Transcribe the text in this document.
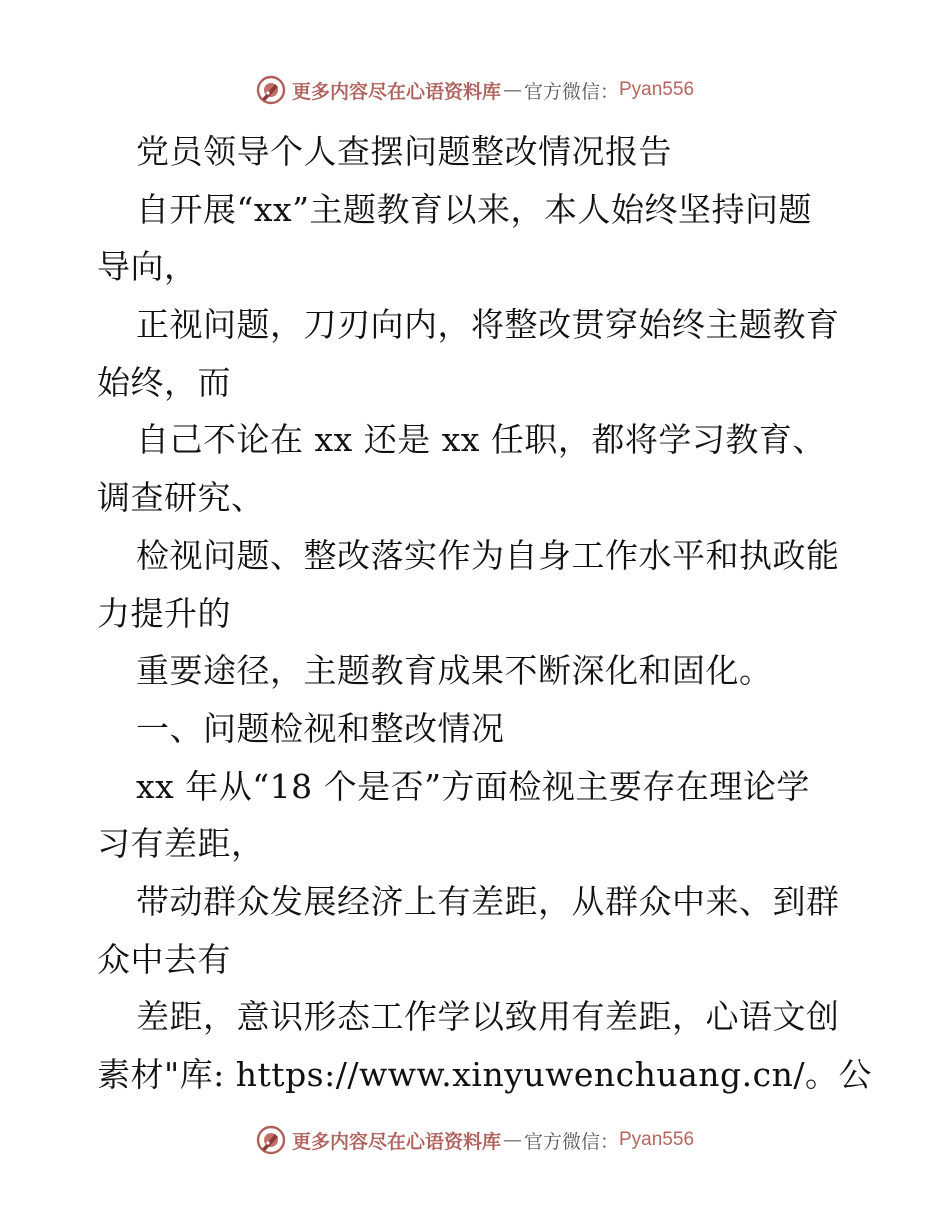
更多内容尽在心语资料库 — 官方微信： Pyan556
党员领导个人查摆问题整改情况报告
自开展“xx”主题教育以来，本人始终坚持问题
导向，
正视问题，刀刃向内，将整改贯穿始终主题教育
始终，而
自己不论在 xx 还是 xx 任职，都将学习教育、
调查研究、
检视问题、整改落实作为自身工作水平和执政能
力提升的
重要途径，主题教育成果不断深化和固化。
一、问题检视和整改情况
xx 年从“18 个是否”方面检视主要存在理论学
习有差距，
带动群众发展经济上有差距，从群众中来、到群
众中去有
差距，意识形态工作学以致用有差距，心语文创
素材"库: https://www.xinyuwenchuang.cn/。公
更多内容尽在心语资料库 — 官方微信： Pyan556
